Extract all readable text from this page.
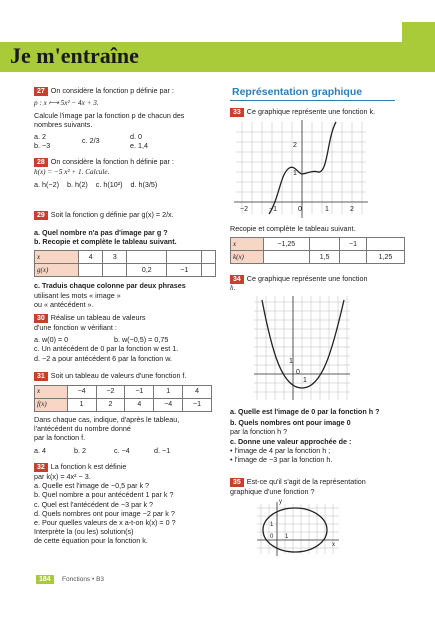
Je m'entraîne
27 On considère la fonction p définie par :
p : x ⟼ 5x² − 4x + 3.
Calcule l'image par la fonction p de chacun des nombres suivants.
a. 2
b. −3
c. 2/3	d. 0
e. 1,4
28 On considère la fonction h définie par :
h(x) = −5 x² + 1. Calcule.
a. h(−2) b. h(2) c. h(10²) d. h(3/5)
29 Soit la fonction g définie par g(x) = 2/x.
a. Quel nombre n'a pas d'image par g ?
b. Recopie et complète le tableau suivant.
x	4	3			
g(x)			0,2	−1	
c. Traduis chaque colonne par deux phrases
utilisant les mots « image »
ou « antécédent ».
30 Réalise un tableau de valeurs
d'une fonction w vérifiant :
a. w(0) = 0	b. w(−0,5) = 0,75
c. Un antécédent de 0 par la fonction w est 1.
d. −2 a pour antécédent 6 par la fonction w.
31 Soit un tableau de valeurs d'une fonction f.
x	−4	−2	−1	1	4
f(x)	1	2	4	−4	−1
Dans chaque cas, indique, d'après le tableau,
l'antécédent du nombre donné
par la fonction f.
a. 4	b. 2	c. −4	d. −1
32 La fonction k est définie
par k(x) = 4x² − 3.
a. Quelle est l'image de −0,5 par k ?
b. Quel nombre a pour antécédent 1 par k ?
c. Quel est l'antécédent de −3 par k ?
d. Quels nombres ont pour image −2 par k ?
e. Pour quelles valeurs de x a-t-on k(x) = 0 ?
Interprète la (ou les) solution(s)
de cette équation pour la fonction k.
Représentation graphique
33 Ce graphique représente une fonction k.
−2	−1	0	1	2
2
1
Recopie et complète le tableau suivant.
x	−1,25		−1	
k(x)		1,5		1,25
34 Ce graphique représente une fonction
h.
1
0
1
a. Quelle est l'image de 0 par la fonction h ?
b. Quels nombres ont pour image 0
par la fonction h ?
c. Donne une valeur approchée de :
• l'image de 4 par la fonction h ;
• l'image de −3 par la fonction h.
35 Est-ce qu'il s'agit de la représentation
graphique d'une fonction ?
y
1
0 1
x
184	Fonctions • B3
